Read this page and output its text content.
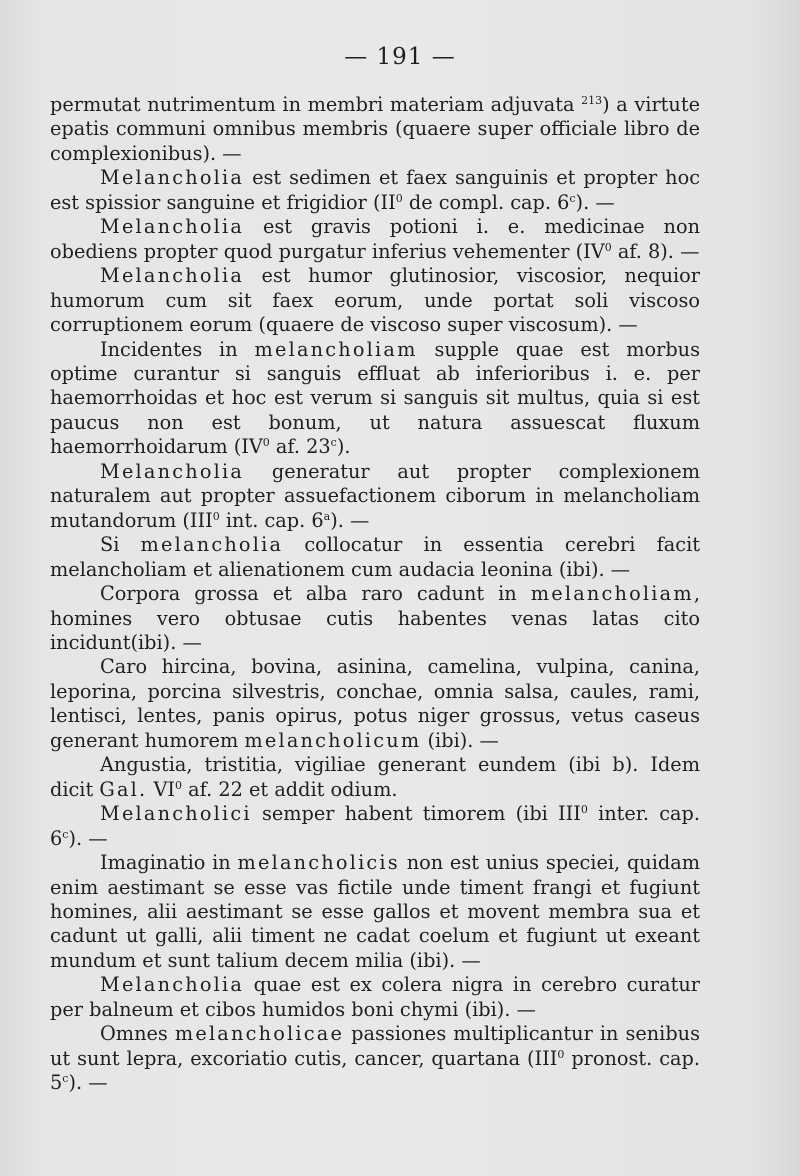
— 191 —

permutat nutrimentum in membri materiam adjuvata $^{213}$) a virtute epatis communi omnibus membris (quaere super officiale libro de complexionibus). —

Melancholia est sedimen et faex sanguinis et propter hoc est spissior sanguine et frigidior ($II^0$ de compl. cap. 6$^c$). —

Melancholia est gravis potioni i. e. medicinae non obediens propter quod purgatur inferius vehementer ($IV^0$ af. 8). —

Melancholia est humor glutinosior, viscosior, nequior humorum cum sit faex eorum, unde portat soli viscoso corruptionem eorum (quaere de viscoso super viscosum). —

Incidentes in melancholiam supple quae est morbus optime curantur si sanguis effluat ab inferioribus i. e. per haemorrhoidas et hoc est verum si sanguis sit multus, quia si est paucus non est bonum, ut natura assuescat fluxum haemorrhoidarum ($IV^0$ af. 23$^c$).

Melancholia generatur aut propter complexionem naturalem aut propter assuefactionem ciborum in melancholiam mutandorum (III$^0$ int. cap. 6$^a$). —

Si melancholia collocatur in essentia cerebri facit melancholiam et alienationem cum audacia leonina (ibi). —

Corpora grossa et alba raro cadunt in melancholiam, homines vero obtusae cutis habentes venas latas cito incidunt(ibi). —

Caro hircina, bovina, asinina, camelina, vulpina, canina, leporina, porcina silvestris, conchae, omnia salsa, caules, rami, lentisci, lentes, panis opirus, potus niger grossus, vetus caseus generant humorem melancholicum (ibi). —

Angustia, tristitia, vigiliae generant eundem (ibi b). Idem dicit Gal. $VI^0$ af. 22 et addit odium.

Melancholici semper habent timorem (ibi III$^0$ inter. cap. 6$^c$). —

Imaginatio in melancholicis non est unius speciei, quidam enim aestimant se esse vas fictile unde timent frangi et fugiunt homines, alii aestimant se esse gallos et movent membra sua et cadunt ut galli, alii timent ne cadat coelum et fugiunt ut exeant mundum et sunt talium decem milia (ibi). —

Melancholia quae est ex colera nigra in cerebro curatur per balneum et cibos humidos boni chymi (ibi). —

Omnes melancholicae passiones multiplicantur in senibus ut sunt lepra, excoriatio cutis, cancer, quartana (III$^0$ pronost. cap. 5$^c$). —
